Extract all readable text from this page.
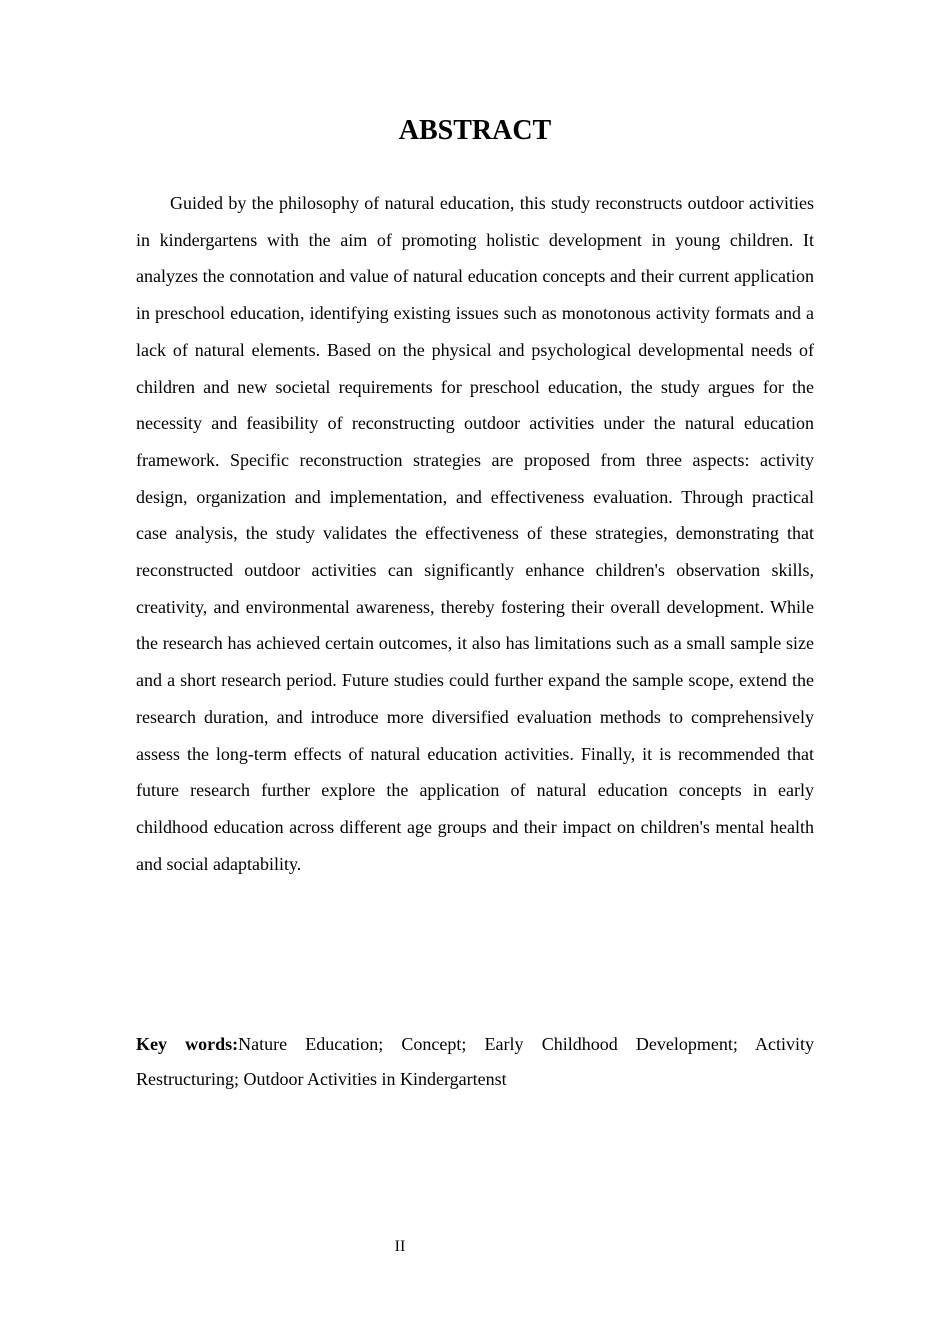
ABSTRACT

Guided by the philosophy of natural education, this study reconstructs outdoor activities in kindergartens with the aim of promoting holistic development in young children. It analyzes the connotation and value of natural education concepts and their current application in preschool education, identifying existing issues such as monotonous activity formats and a lack of natural elements. Based on the physical and psychological developmental needs of children and new societal requirements for preschool education, the study argues for the necessity and feasibility of reconstructing outdoor activities under the natural education framework. Specific reconstruction strategies are proposed from three aspects: activity design, organization and implementation, and effectiveness evaluation. Through practical case analysis, the study validates the effectiveness of these strategies, demonstrating that reconstructed outdoor activities can significantly enhance children's observation skills, creativity, and environmental awareness, thereby fostering their overall development. While the research has achieved certain outcomes, it also has limitations such as a small sample size and a short research period. Future studies could further expand the sample scope, extend the research duration, and introduce more diversified evaluation methods to comprehensively assess the long-term effects of natural education activities. Finally, it is recommended that future research further explore the application of natural education concepts in early childhood education across different age groups and their impact on children's mental health and social adaptability.

Key words:Nature Education; Concept; Early Childhood Development; Activity Restructuring; Outdoor Activities in Kindergartenst

II
